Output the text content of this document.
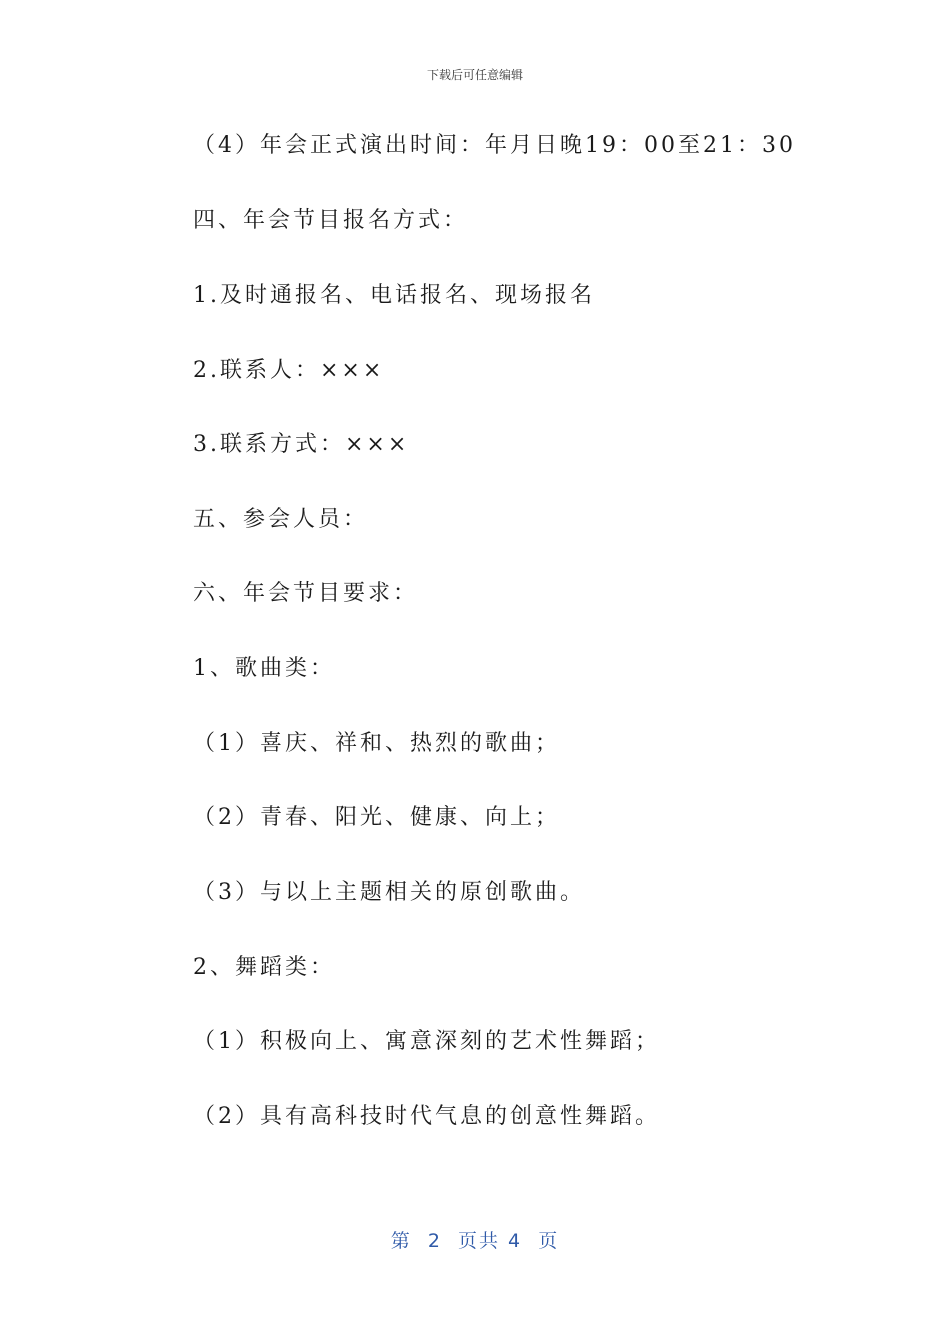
下载后可任意编辑
（4）年会正式演出时间：年月日晚19：00至21：30
四、年会节目报名方式：
1.及时通报名、电话报名、现场报名
2.联系人：×××
3.联系方式：×××
五、参会人员：
六、年会节目要求：
1、歌曲类：
（1）喜庆、祥和、热烈的歌曲；
（2）青春、阳光、健康、向上；
（3）与以上主题相关的原创歌曲。
2、舞蹈类：
（1）积极向上、寓意深刻的艺术性舞蹈；
（2）具有高科技时代气息的创意性舞蹈。
第  2  页共 4  页
